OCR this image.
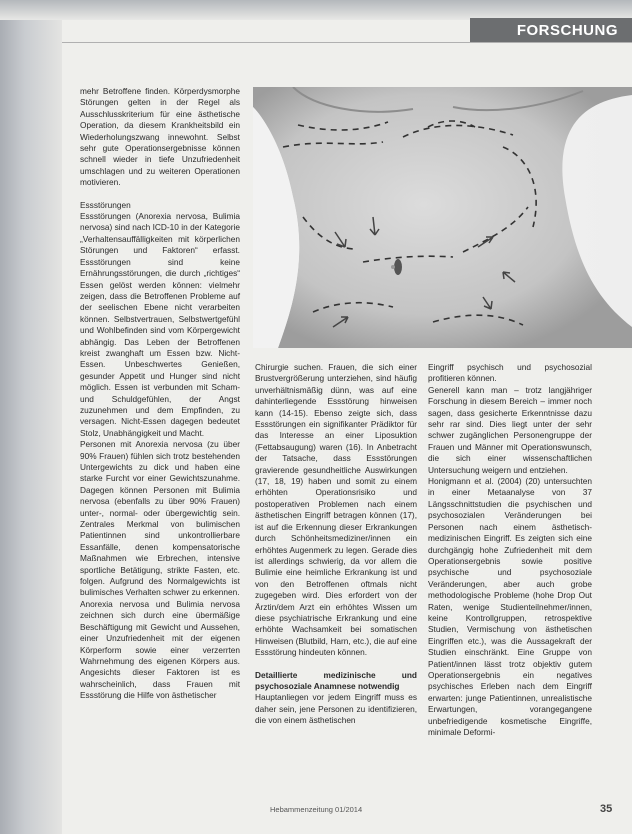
FORSCHUNG

mehr Betroffene finden. Körperdysmorphe Störungen gelten in der Regel als Ausschlusskriterium für eine ästhetische Operation, da diesem Krankheitsbild ein Wiederholungszwang innewohnt. Selbst sehr gute Operationsergebnisse können schnell wieder in tiefe Unzufriedenheit umschlagen und zu weiteren Operationen motivieren.

Essstörungen

Essstörungen (Anorexia nervosa, Bulimia nervosa) sind nach ICD-10 in der Kategorie „Verhaltensauffälligkeiten mit körperlichen Störungen und Faktoren“ erfasst. Essstörungen sind keine Ernährungsstörungen, die durch „richtiges“ Essen gelöst werden können: vielmehr zeigen, dass die Betroffenen Probleme auf der seelischen Ebene nicht verarbeiten können. Selbstvertrauen, Selbstwertgefühl und Wohlbefinden sind vom Körpergewicht abhängig. Das Leben der Betroffenen kreist zwanghaft um Essen bzw. Nicht-Essen. Unbeschwertes Genießen, gesunder Appetit und Hunger sind nicht möglich. Essen ist verbunden mit Scham- und Schuldgefühlen, der Angst zuzunehmen und dem Empfinden, zu versagen. Nicht-Essen dagegen bedeutet Stolz, Unabhängigkeit und Macht.

Personen mit Anorexia nervosa (zu über 90% Frauen) fühlen sich trotz bestehenden Untergewichts zu dick und haben eine starke Furcht vor einer Gewichtszunahme. Dagegen können Personen mit Bulimia nervosa (ebenfalls zu über 90% Frauen) unter-, normal- oder übergewichtig sein. Zentrales Merkmal von bulimischen Patientinnen sind unkontrollierbare Essanfälle, denen kompensatorische Maßnahmen wie Erbrechen, intensive sportliche Betätigung, strikte Fasten, etc. folgen. Aufgrund des Normalgewichts ist bulimisches Verhalten schwer zu erkennen.

Anorexia nervosa und Bulimia nervosa zeichnen sich durch eine übermäßige Beschäftigung mit Gewicht und Aussehen, einer Unzufriedenheit mit der eigenen Körperform sowie einer verzerrten Wahrnehmung des eigenen Körpers aus. Angesichts dieser Faktoren ist es wahrscheinlich, dass Frauen mit Essstörung die Hilfe von ästhetischer

Chirurgie suchen. Frauen, die sich einer Brustvergrößerung unterziehen, sind häufig unverhältnismäßig dünn, was auf eine dahinterliegende Essstörung hinweisen kann (14-15). Ebenso zeigte sich, dass Essstörungen ein signifikanter Prädiktor für das Interesse an einer Liposuktion (Fettabsaugung) waren (16). In Anbetracht der Tatsache, dass Essstörungen gravierende gesundheitliche Auswirkungen (17, 18, 19) haben und somit zu einem erhöhten Operationsrisiko und postoperativen Problemen nach einem ästhetischen Eingriff betragen können (17), ist auf die Erkennung dieser Erkrankungen durch Schönheitsmediziner/innen ein erhöhtes Augenmerk zu legen. Gerade dies ist allerdings schwierig, da vor allem die Bulimie eine heimliche Erkrankung ist und von den Betroffenen oftmals nicht zugegeben wird. Dies erfordert von der Ärztin/dem Arzt ein erhöhtes Wissen um diese psychiatrische Erkrankung und eine erhöhte Wachsamkeit bei somatischen Hinweisen (Blutbild, Harn, etc.), die auf eine Essstörung hindeuten können.

Detaillierte medizinische und psychosoziale Anamnese notwendig

Hauptanliegen vor jedem Eingriff muss es daher sein, jene Personen zu identifizieren, die von einem ästhetischen

Eingriff psychisch und psychosozial profitieren können.

Generell kann man – trotz langjähriger Forschung in diesem Bereich – immer noch sagen, dass gesicherte Erkenntnisse dazu sehr rar sind. Dies liegt unter der sehr schwer zugänglichen Personengruppe der Frauen und Männer mit Operationswunsch, die sich einer wissenschaftlichen Untersuchung weigern und entziehen.

Honigmann et al. (2004) (20) untersuchten in einer Metaanalyse von 37 Längsschnittstudien die psychischen und psychosozialen Veränderungen bei Personen nach einem ästhetisch-medizinischen Eingriff. Es zeigten sich eine durchgängig hohe Zufriedenheit mit dem Operationsergebnis sowie positive psychische und psychosoziale Veränderungen, aber auch grobe methodologische Probleme (hohe Drop Out Raten, wenige Studienteilnehmer/innen, keine Kontrollgruppen, retrospektive Studien, Vermischung von ästhetischen Eingriffen etc.), was die Aussagekraft der Studien einschränkt. Eine Gruppe von Patient/innen lässt trotz objektiv gutem Operationsergebnis ein negatives psychisches Erleben nach dem Eingriff erwarten: junge Patientinnen, unrealistische Erwartungen, vorangegangene unbefriedigende kosmetische Eingriffe, minimale Deformi-

Hebammenzeitung 01/2014	35
